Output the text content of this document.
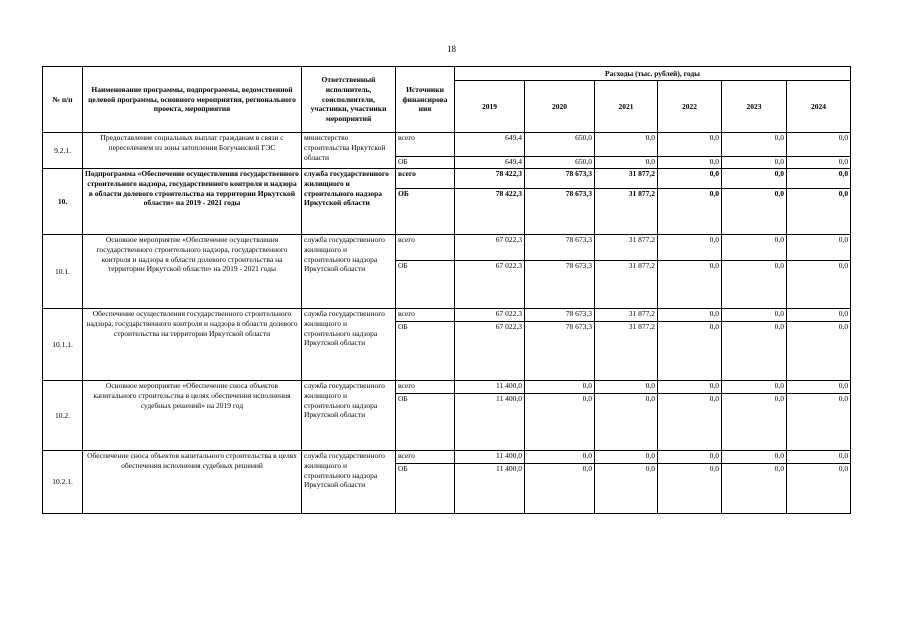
18
№ п/п	Наименование программы, подпрограммы, ведомственной целевой программы, основного мероприятия, регионального проекта, мероприятия	Ответственный исполнитель, соисполнители, участники, участники мероприятий	Источники финансирова ния	Расходы (тыс. рублей), годы					
				2019	2020	2021	2022	2023	2024
9.2.1.	Предоставление социальных выплат гражданам в связи с переселением из зоны затопления Богучанской ГЭС	министерство строительства Иркутской области	всего	649,4	650,0	0,0	0,0	0,0	0,0
			ОБ	649,4	650,0	0,0	0,0	0,0	0,0
10.	Подпрограмма «Обеспечение осуществления государственного строительного надзора, государственного контроля и надзора в области долевого строительства на территории Иркутской области» на 2019 - 2021 годы	служба государственного жилищного и строительного надзора Иркутской области	всего	78 422,3	78 673,3	31 877,2	0,0	0,0	0,0
			ОБ	78 422,3	78 673,3	31 877,2	0,0	0,0	0,0
10.1.	Основное мероприятие «Обеспечение осуществления государственного строительного надзора, государственного контроля и надзора в области долевого строительства на территории Иркутской области» на 2019 - 2021 годы	служба государственного жилищного и строительного надзора Иркутской области	всего	67 022,3	78 673,3	31 877,2	0,0	0,0	0,0
			ОБ	67 022,3	78 673,3	31 877,2	0,0	0,0	0,0
10.1.1.	Обеспечение осуществления государственного строительного надзора, государственного контроля и надзора в области долевого строительства на территории Иркутской области	служба государственного жилищного и строительного надзора Иркутской области	всего	67 022,3	78 673,3	31 877,2	0,0	0,0	0,0
			ОБ	67 022,3	78 673,3	31 877,2	0,0	0,0	0,0
10.2.	Основное мероприятие «Обеспечение сноса объектов капитального строительства в целях обеспечения исполнения судебных решений» на 2019 год	служба государственного жилищного и строительного надзора Иркутской области	всего	11 400,0	0,0	0,0	0,0	0,0	0,0
			ОБ	11 400,0	0,0	0,0	0,0	0,0	0,0
10.2.1.	Обеспечение сноса объектов капитального строительства в целях обеспечения исполнения судебных решений	служба государственного жилищного и строительного надзора Иркутской области	всего	11 400,0	0,0	0,0	0,0	0,0	0,0
			ОБ	11 400,0	0,0	0,0	0,0	0,0	0,0
